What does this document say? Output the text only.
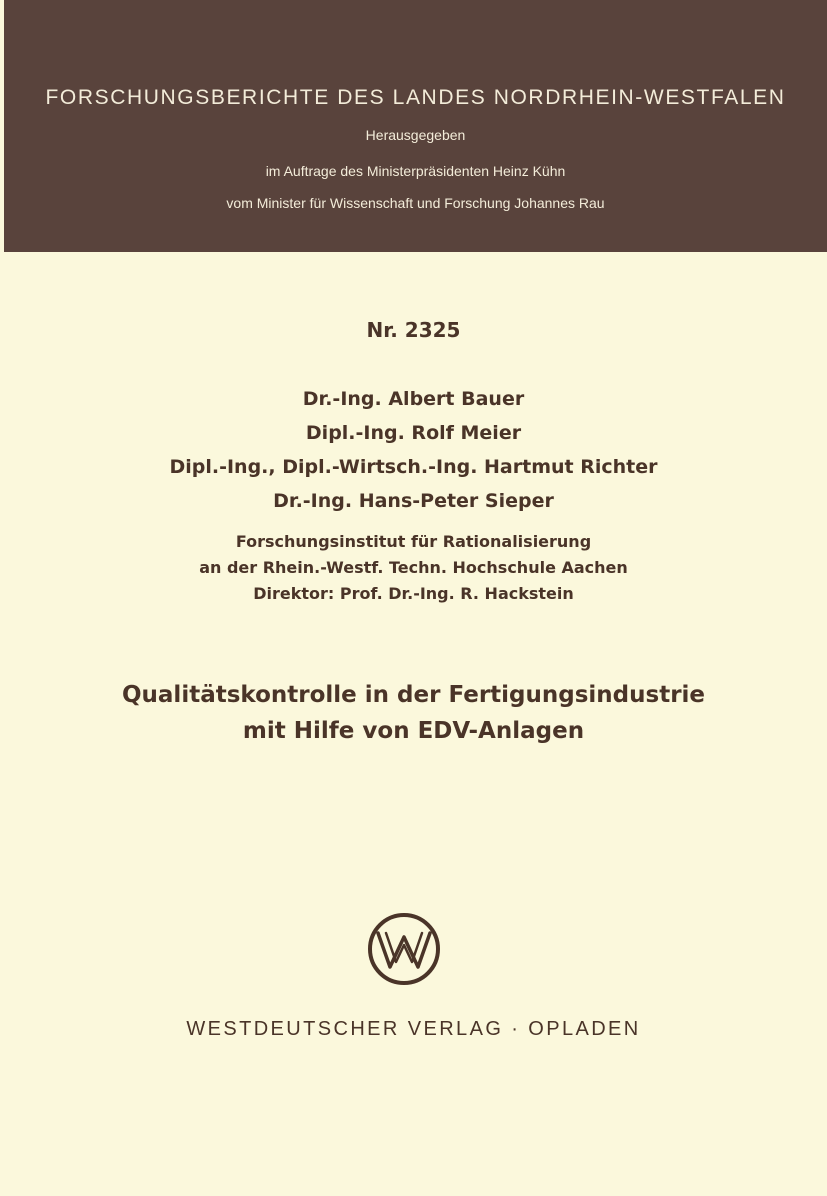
FORSCHUNGSBERICHTE DES LANDES NORDRHEIN-WESTFALEN
Herausgegeben
im Auftrage des Ministerpräsidenten Heinz Kühn
vom Minister für Wissenschaft und Forschung Johannes Rau
Nr. 2325
Dr.-Ing. Albert Bauer
Dipl.-Ing. Rolf Meier
Dipl.-Ing., Dipl.-Wirtsch.-Ing. Hartmut Richter
Dr.-Ing. Hans-Peter Sieper
Forschungsinstitut für Rationalisierung
an der Rhein.-Westf. Techn. Hochschule Aachen
Direktor: Prof. Dr.-Ing. R. Hackstein
Qualitätskontrolle in der Fertigungsindustrie
mit Hilfe von EDV-Anlagen
WESTDEUTSCHER VERLAG · OPLADEN
